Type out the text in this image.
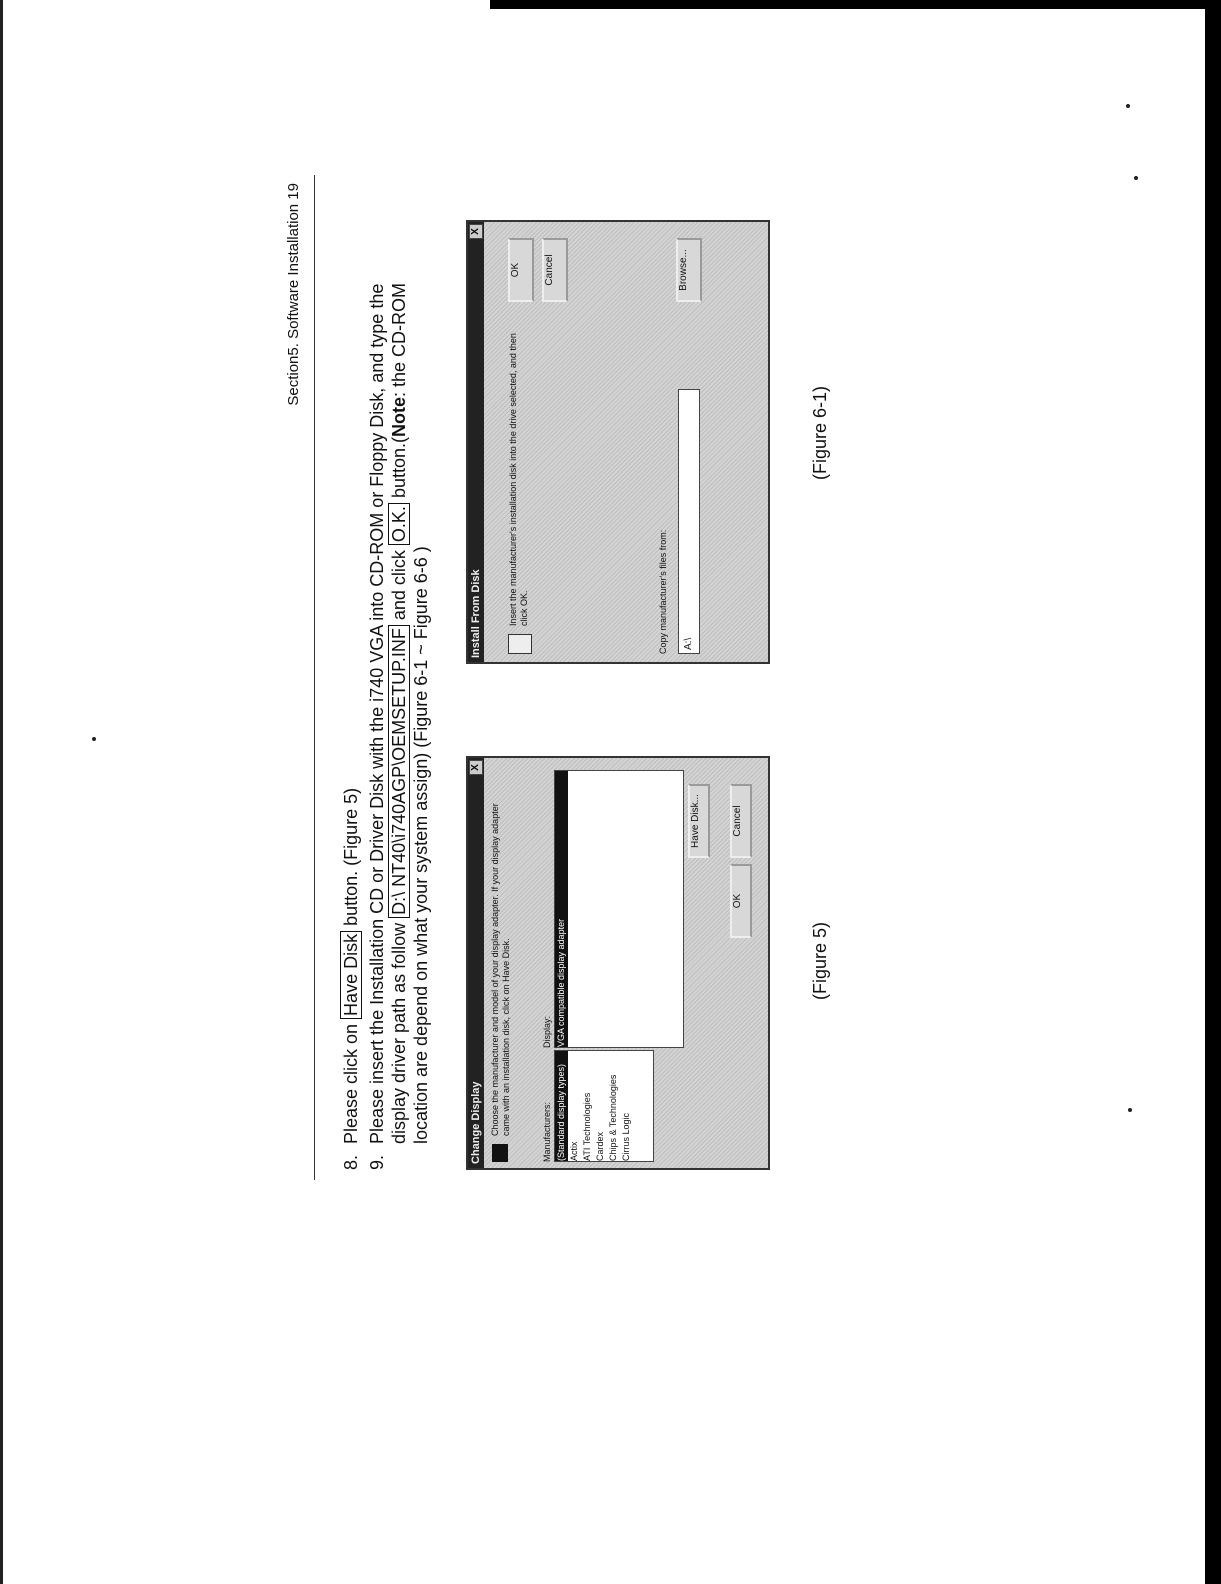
Section5. Software Installation 19
8.
Please click on Have Disk button. (Figure 5)
9.
Please insert the Installation CD or Driver Disk with the i740 VGA into CD-ROM or Floppy Disk, and type the display driver path as follow D:\ NT40\i740AGP\OEMSETUP.INF and click O.K. button.(Note: the CD-ROM
location are depend on what your system assign) (Figure 6-1 ~ Figure 6-6 )	Change Display
X
Choose the manufacturer and model of your display adapter. If your display adapter came with an installation disk, click on Have Disk.	Manufacturers: (Standard display types) Actix ATI Technologies Cardex Chips & Technologies Cirrus Logic
Display: VGA compatible display adapter
Have Disk...
OK
Cancel
Install From Disk
X
Insert the manufacturer's installation disk into the drive selected, and then click OK.
OK	Cancel
Copy manufacturer's files from:	A:\
Browse...
(Figure 5)
(Figure 6-1)
